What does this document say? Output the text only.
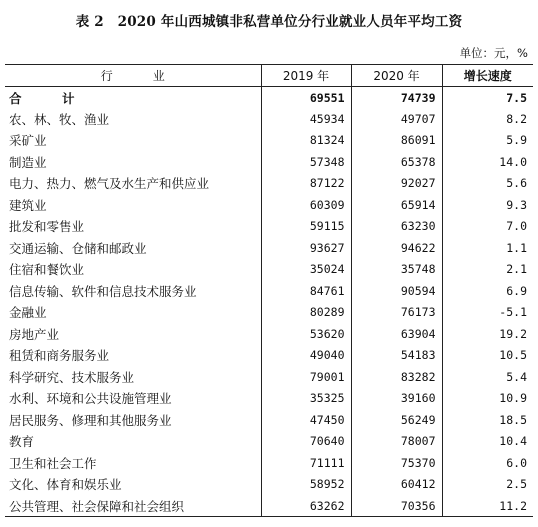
表 2　2020 年山西城镇非私营单位分行业就业人员年平均工资
单位：元，%
行　业	2019 年	2020 年	增长速度
合　计	69551	74739	7.5
农、林、牧、渔业	45934	49707	8.2
采矿业	81324	86091	5.9
制造业	57348	65378	14.0
电力、热力、燃气及水生产和供应业	87122	92027	5.6
建筑业	60309	65914	9.3
批发和零售业	59115	63230	7.0
交通运输、仓储和邮政业	93627	94622	1.1
住宿和餐饮业	35024	35748	2.1
信息传输、软件和信息技术服务业	84761	90594	6.9
金融业	80289	76173	-5.1
房地产业	53620	63904	19.2
租赁和商务服务业	49040	54183	10.5
科学研究、技术服务业	79001	83282	5.4
水利、环境和公共设施管理业	35325	39160	10.9
居民服务、修理和其他服务业	47450	56249	18.5
教育	70640	78007	10.4
卫生和社会工作	71111	75370	6.0
文化、体育和娱乐业	58952	60412	2.5
公共管理、社会保障和社会组织	63262	70356	11.2
